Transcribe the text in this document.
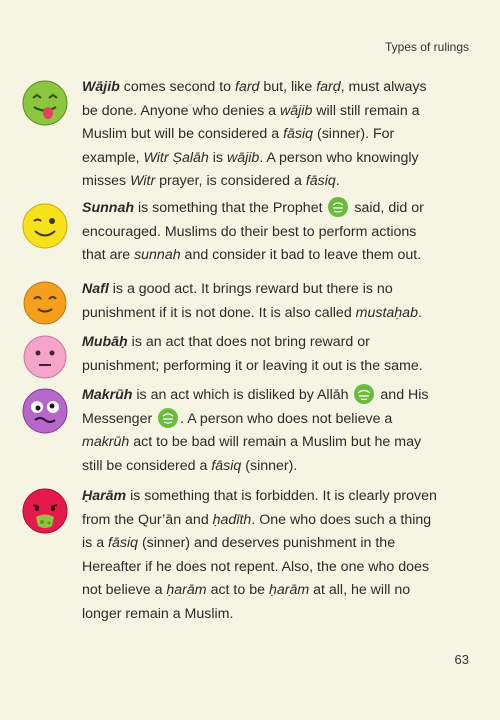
Types of rulings
Wājib comes second to farḍ but, like farḍ, must always be done. Anyone who denies a wājib will still remain a Muslim but will be considered a fāsiq (sinner). For example, Witr Ṣalāh is wājib. A person who knowingly misses Witr prayer, is considered a fāsiq.
Sunnah is something that the Prophet
said, did or encouraged. Muslims do their best to perform actions that are sunnah and consider it bad to leave them out.
Nafl is a good act. It brings reward but there is no punishment if it is not done. It is also called mustaḥab.
Mubāḥ is an act that does not bring reward or punishment; performing it or leaving it out is the same.
Makrūh is an act which is disliked by Allāh
and His Messenger
. A person who does not believe a makrūh act to be bad will remain a Muslim but he may still be considered a fāsiq (sinner).
Ḥarām is something that is forbidden. It is clearly proven from the Qur’ān and ḥadīth. One who does such a thing is a fāsiq (sinner) and deserves punishment in the Hereafter if he does not repent. Also, the one who does not believe a ḥarām act to be ḥarām at all, he will no longer remain a Muslim.
63
